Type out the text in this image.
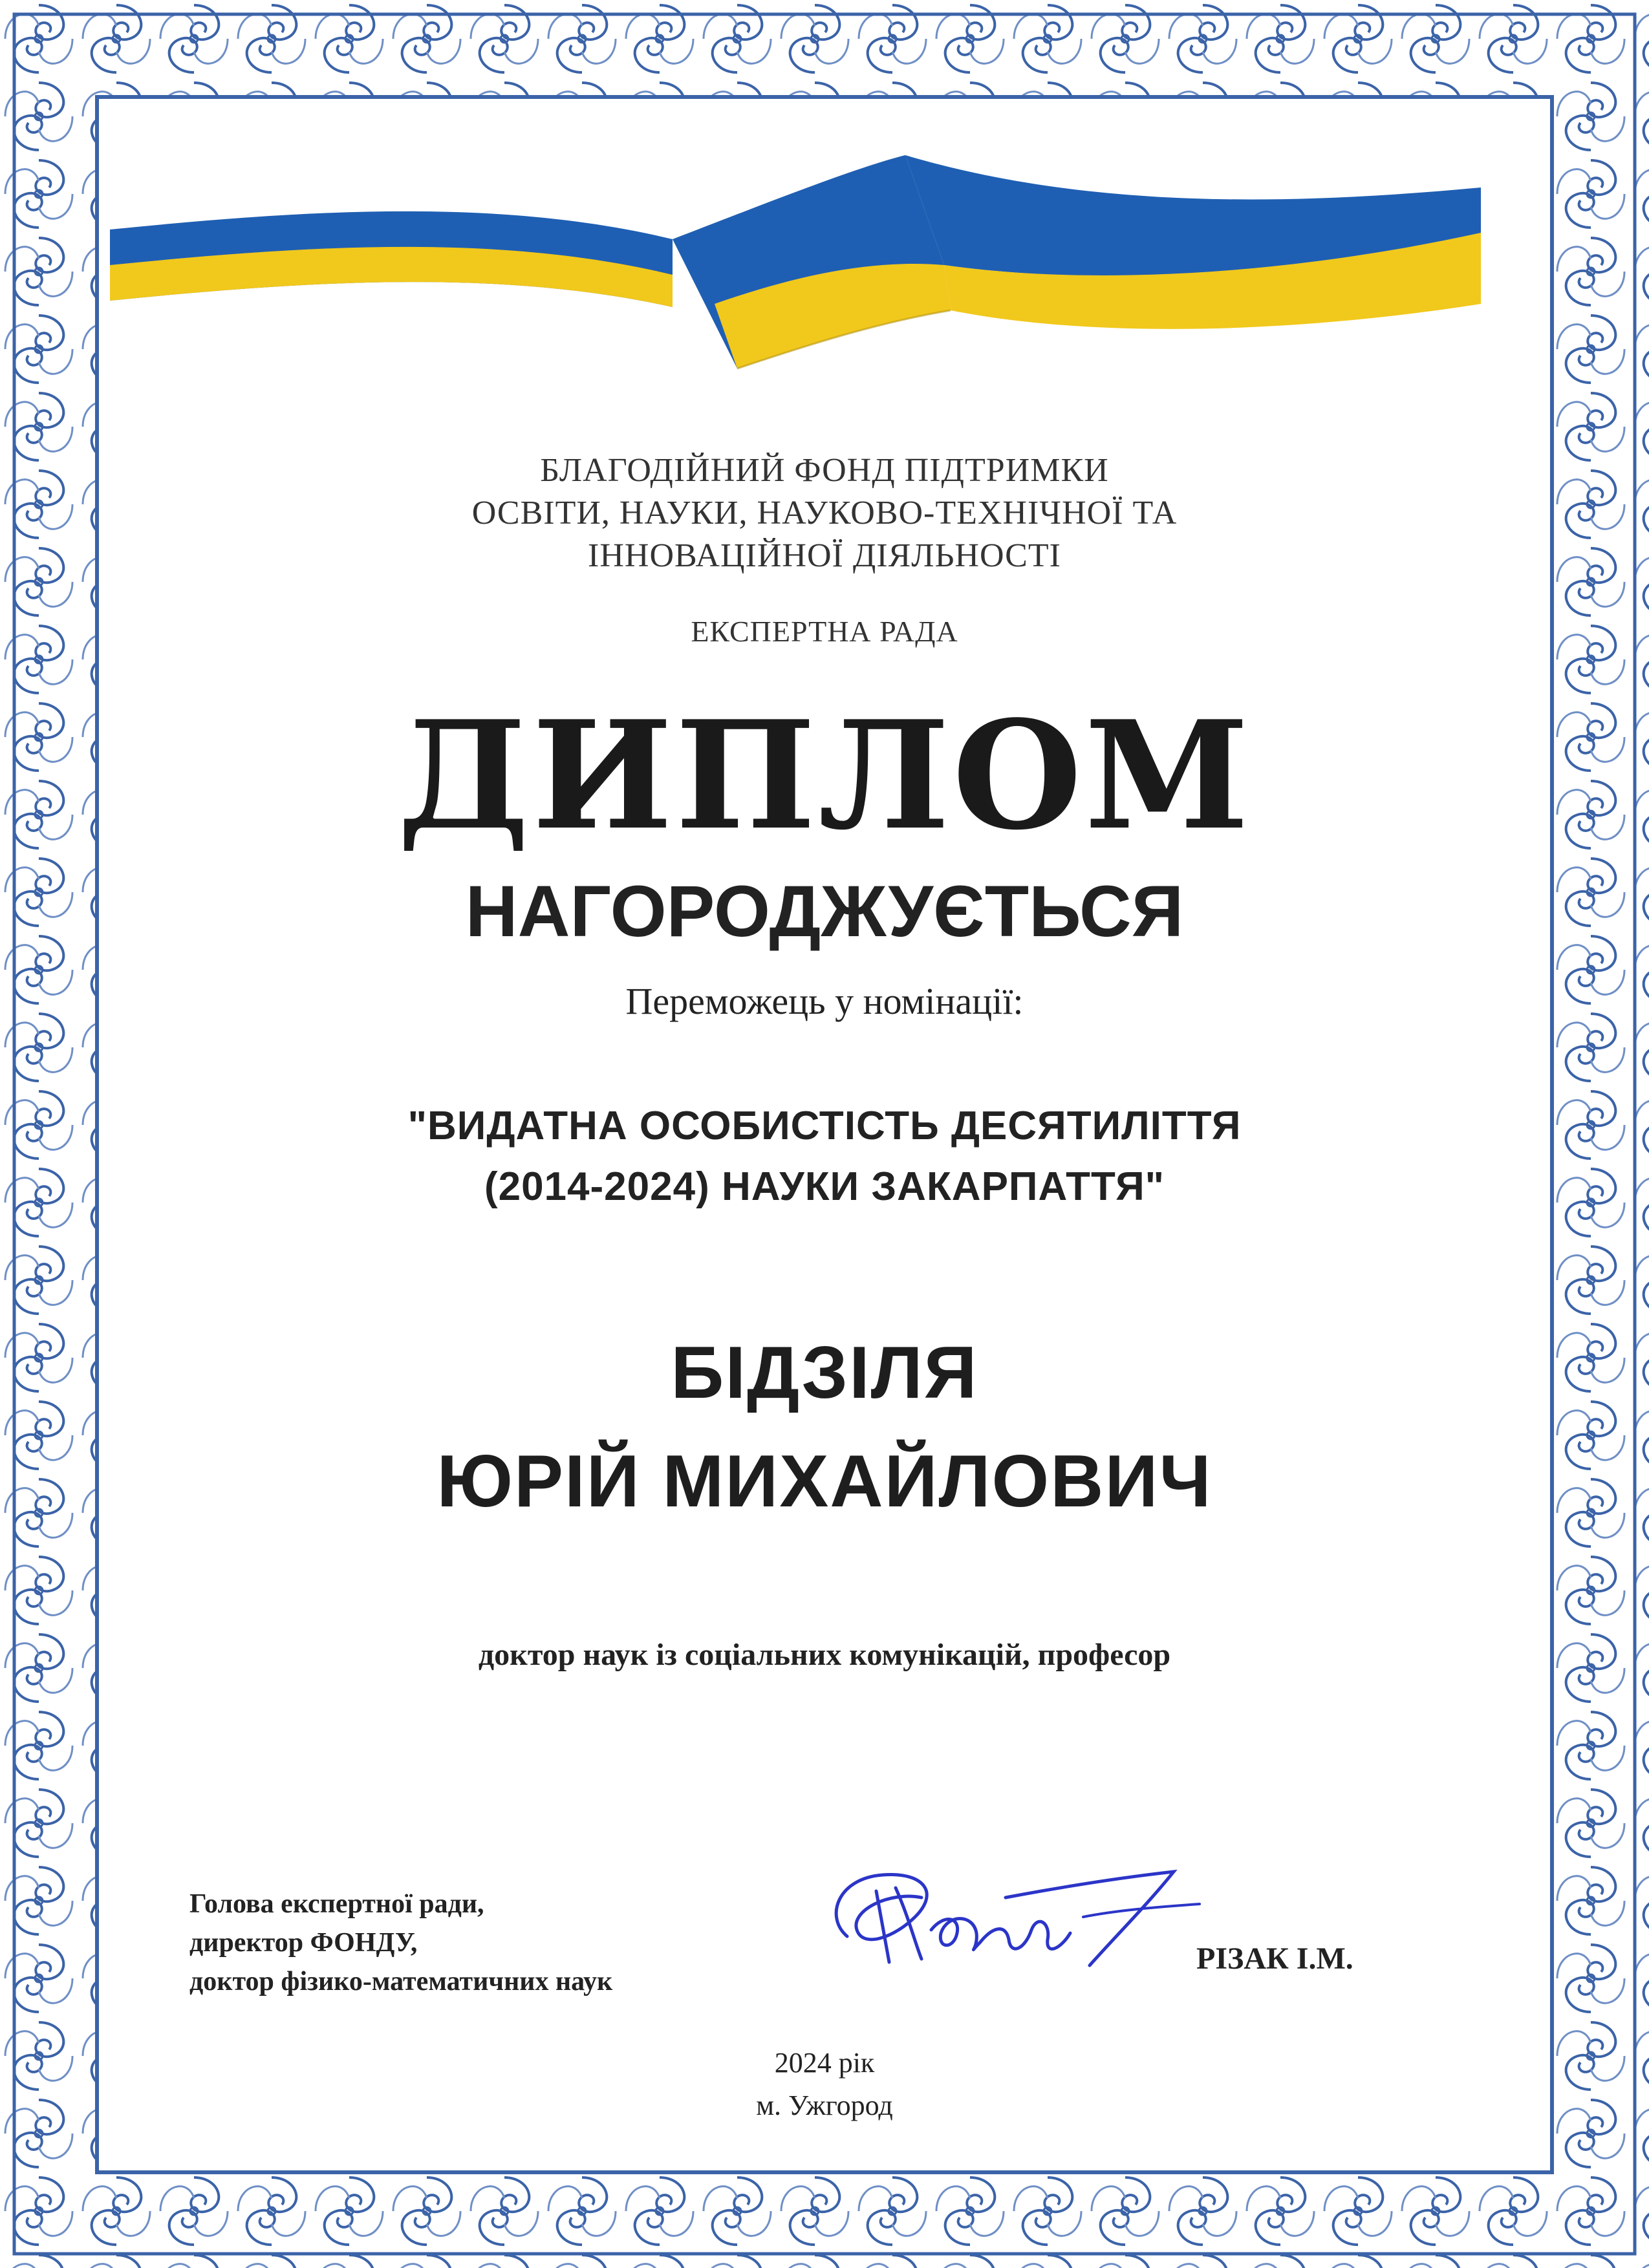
БЛАГОДІЙНИЙ ФОНД ПІДТРИМКИ
ОСВІТИ, НАУКИ, НАУКОВО-ТЕХНІЧНОЇ ТА
ІННОВАЦІЙНОЇ ДІЯЛЬНОСТІ
ЕКСПЕРТНА РАДА
ДИПЛОМ
НАГОРОДЖУЄТЬСЯ
Переможець у номінації:
"ВИДАТНА ОСОБИСТІСТЬ ДЕСЯТИЛІТТЯ
(2014-2024) НАУКИ ЗАКАРПАТТЯ"
БІДЗІЛЯ
ЮРІЙ МИХАЙЛОВИЧ
доктор наук із соціальних комунікацій, професор
Голова експертної ради,
директор ФОНДУ,
доктор фізико-математичних наук
РІЗАК І.М.
2024 рік
м. Ужгород
